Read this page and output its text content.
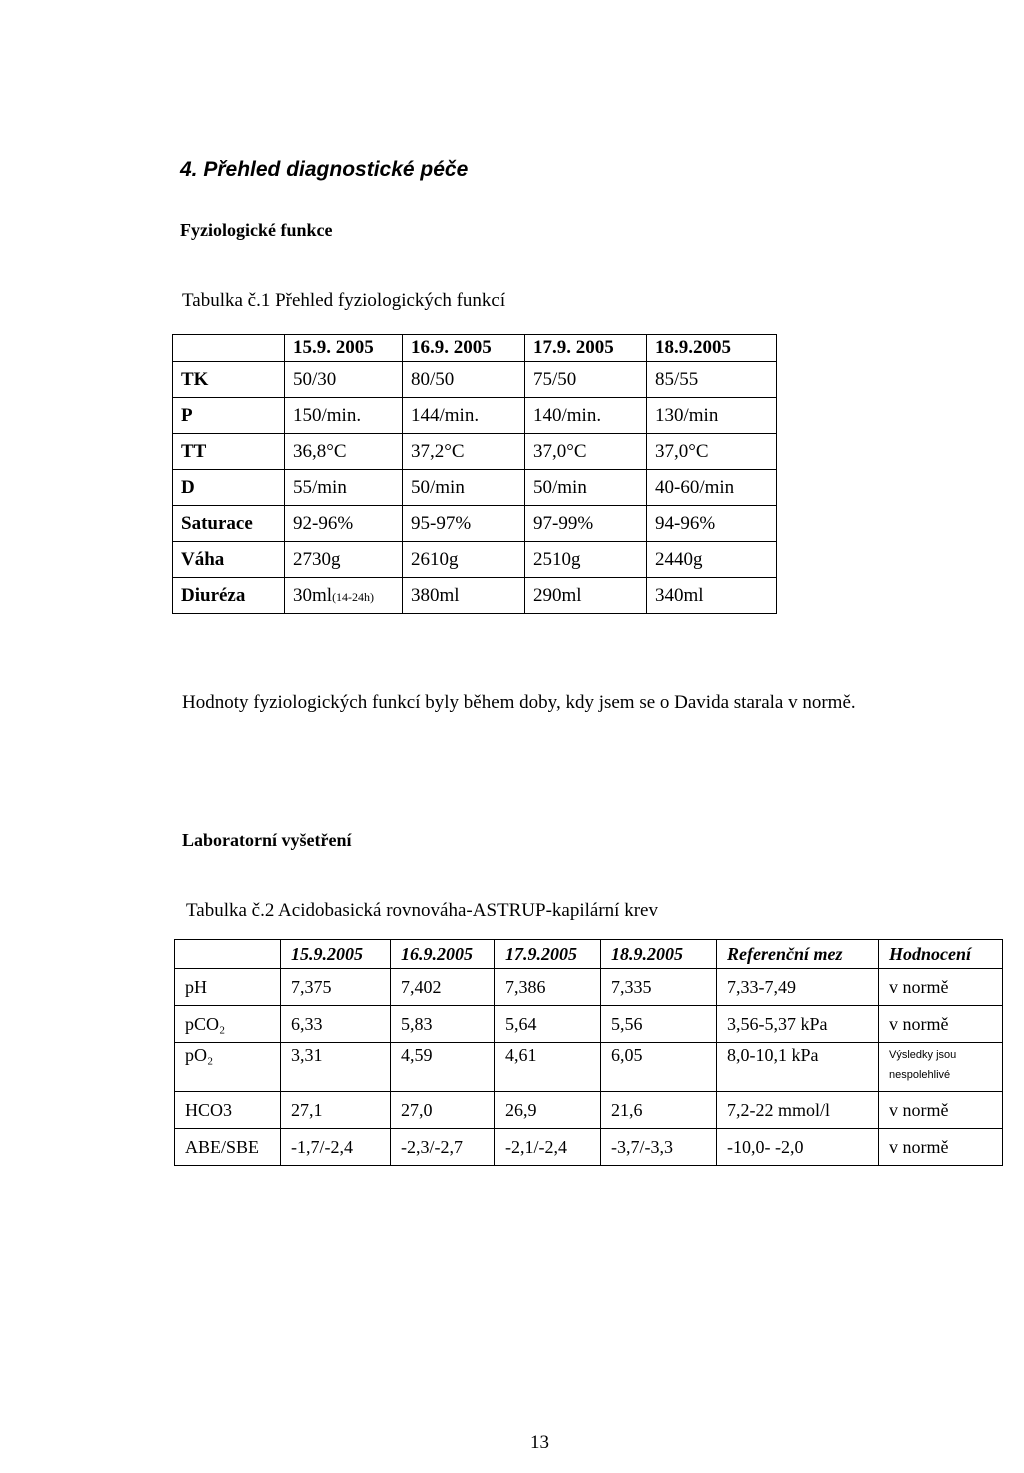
4. Přehled diagnostické péče
Fyziologické funkce
Tabulka č.1 Přehled fyziologických funkcí
	15.9. 2005	16.9. 2005	17.9. 2005	18.9.2005
TK	50/30	80/50	75/50	85/55
P	150/min.	144/min.	140/min.	130/min
TT	36,8°C	37,2°C	37,0°C	37,0°C
D	55/min	50/min	50/min	40-60/min
Saturace	92-96%	95-97%	97-99%	94-96%
Váha	2730g	2610g	2510g	2440g
Diuréza	30ml(14-24h)	380ml	290ml	340ml
Hodnoty fyziologických funkcí byly během doby, kdy jsem se o Davida starala v normě.
Laboratorní vyšetření
Tabulka č.2 Acidobasická rovnováha-ASTRUP-kapilární krev
	15.9.2005	16.9.2005	17.9.2005	18.9.2005	Referenční mez	Hodnocení
pH	7,375	7,402	7,386	7,335	7,33-7,49	v normě
pCO₂	6,33	5,83	5,64	5,56	3,56-5,37 kPa	v normě
pO₂	3,31	4,59	4,61	6,05	8,0-10,1 kPa	Výsledky jsou nespolehlivé
HCO3	27,1	27,0	26,9	21,6	7,2-22 mmol/l	v normě
ABE/SBE	-1,7/-2,4	-2,3/-2,7	-2,1/-2,4	-3,7/-3,3	-10,0- -2,0	v normě
13
